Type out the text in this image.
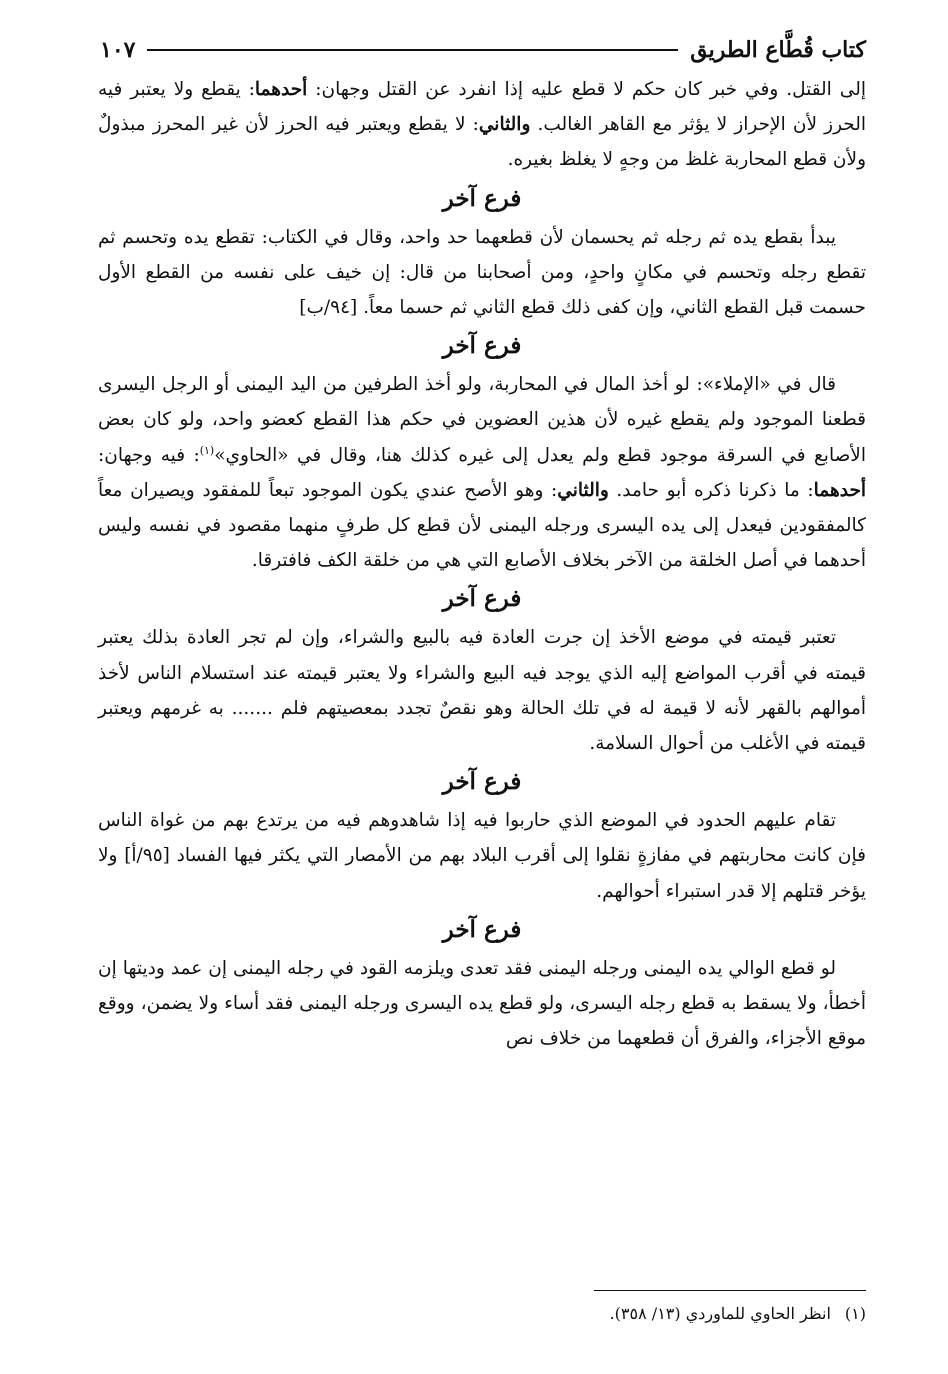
كتاب قُطَّاع الطريق
١٠٧

إلى القتل. وفي خبر كان حكم لا قطع عليه إذا انفرد عن القتل وجهان: أحدهما: يقطع ولا يعتبر فيه الحرز لأن الإحراز لا يؤثر مع القاهر الغالب. والثاني: لا يقطع ويعتبر فيه الحرز لأن غير المحرز مبذولٌ ولأن قطع المحاربة غلظ من وجهٍ لا يغلظ بغيره.

فرع آخر

يبدأ بقطع يده ثم رجله ثم يحسمان لأن قطعهما حد واحد، وقال في الكتاب: تقطع يده وتحسم ثم تقطع رجله وتحسم في مكانٍ واحدٍ، ومن أصحابنا من قال: إن خيف على نفسه من القطع الأول حسمت قبل القطع الثاني، وإن كفى ذلك قطع الثاني ثم حسما معاً. [٩٤/ب]

فرع آخر

قال في «الإملاء»: لو أخذ المال في المحاربة، ولو أخذ الطرفين من اليد اليمنى أو الرجل اليسرى قطعنا الموجود ولم يقطع غيره لأن هذين العضوين في حكم هذا القطع كعضو واحد، ولو كان بعض الأصابع في السرقة موجود قطع ولم يعدل إلى غيره كذلك هنا، وقال في «الحاوي»$^{(١)}$: فيه وجهان: أحدهما: ما ذكرنا ذكره أبو حامد. والثاني: وهو الأصح عندي يكون الموجود تبعاً للمفقود ويصيران معاً كالمفقودين فيعدل إلى يده اليسرى ورجله اليمنى لأن قطع كل طرفٍ منهما مقصود في نفسه وليس أحدهما في أصل الخلقة من الآخر بخلاف الأصابع التي هي من خلقة الكف فافترقا.

فرع آخر

تعتبر قيمته في موضع الأخذ إن جرت العادة فيه بالبيع والشراء، وإن لم تجر العادة بذلك يعتبر قيمته في أقرب المواضع إليه الذي يوجد فيه البيع والشراء ولا يعتبر قيمته عند استسلام الناس لأخذ أموالهم بالقهر لأنه لا قيمة له في تلك الحالة وهو نقصٌ تجدد بمعصيتهم فلم ....... به غرمهم ويعتبر قيمته في الأغلب من أحوال السلامة.

فرع آخر

تقام عليهم الحدود في الموضع الذي حاربوا فيه إذا شاهدوهم فيه من يرتدع بهم من غواة الناس فإن كانت محاربتهم في مفازةٍ نقلوا إلى أقرب البلاد بهم من الأمصار التي يكثر فيها الفساد [٩٥/أ] ولا يؤخر قتلهم إلا قدر استبراء أحوالهم.

فرع آخر

لو قطع الوالي يده اليمنى ورجله اليمنى فقد تعدى ويلزمه القود في رجله اليمنى إن عمد وديتها إن أخطأ، ولا يسقط به قطع رجله اليسرى، ولو قطع يده اليسرى ورجله اليمنى فقد أساء ولا يضمن، ووقع موقع الأجزاء، والفرق أن قطعهما من خلاف نص

(١)انظر الحاوي للماوردي (١٣/ ٣٥٨).
